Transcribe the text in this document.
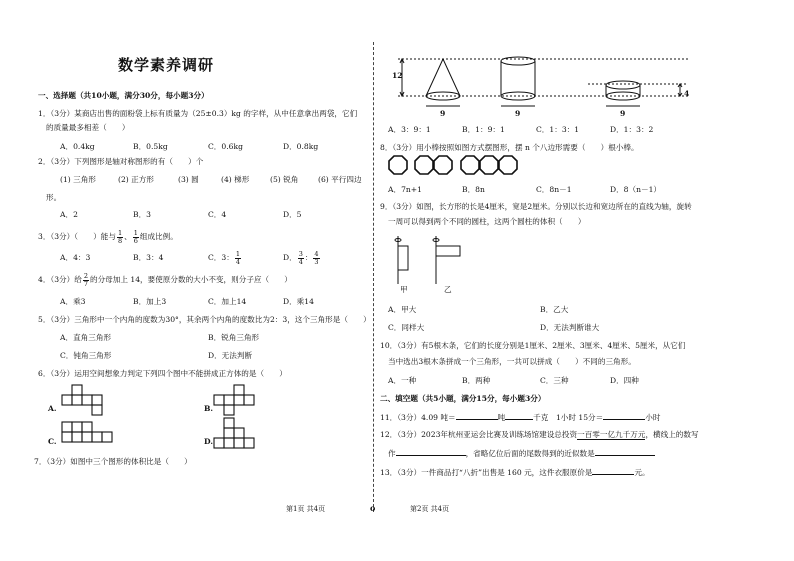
数学素养调研
一、选择题（共10小题，满分30分，每小题3分）
1．（3分）某商店出售的面粉袋上标有质量为（25±0.3）kg 的字样，从中任意拿出两袋，它们
的质量最多相差（　　）
A．0.4kg	B．0.5kg	C．0.6kg	D．0.8kg
2．（3分）下列图形是轴对称图形的有（　　）个
(1) 三角形	(2) 正方形	(3) 圆	(4) 梯形	(5) 锐角	(6) 平行四边
形。
A．2	B．3	C．4	D．5
3．（3分）（　　）能与 $\frac{1}{8}$ 、 $\frac{1}{6}$ 组成比例。
A．4：3	B．3：4	C．3： $\frac{1}{4}$	D． $\frac{3}{4}$ ： $\frac{4}{3}$
4．（3分）给 $\frac{2}{7}$ 的分母加上 14，要使原分数的大小不变，则分子应（　　）
A．乘3	B．加上3	C．加上14	D．乘14
5．（3分）三角形中一个内角的度数为30°，其余两个内角的度数比为2：3，这个三角形是（　　）
A．直角三角形	B．锐角三角形
C．钝角三角形	D．无法判断
6．（3分）运用空间想象力判定下列四个图中不能拼成正方体的是（　　）
A.	B.
C.	D.
7．（3分）如图中三个图形的体积比是（　　）
第1页 共4页	o
12
4
9	9	9
A．3：9：1	B．1：9：1	C．1：3：1	D．1：3：2
8．（3分）用小棒按照如图方式摆图形，摆 n 个八边形需要（　　）根小棒。
A．7n+1	B．8n	C．8n－1	D．8（n－1）
9．（3分）如图，长方形的长是4厘米，宽是2厘米。分别以长边和宽边所在的直线为轴，旋转
一周可以得到两个不同的圆柱，这两个圆柱的体积（　　）
甲	乙
A．甲大	B．乙大
C．同样大	D．无法判断谁大
10．（3分）有5根木条，它们的长度分别是1厘米、2厘米、3厘米、4厘米、5厘米，从它们
当中选出3根木条拼成一个三角形，一共可以拼成（　　）不同的三角形。
A．一种	B．两种	C．三种	D．四种
二、填空题（共5小题，满分15分，每小题3分）
11．（3分）4.09 吨＝	吨	千克　1小时 15分＝	小时
12．（3分）2023年杭州亚运会比赛及训练场馆建设总投资一百零一亿九千万元，横线上的数写
作	，省略亿位后面的尾数得到的近似数是
13．（3分）一件商品打“八折”出售是 160 元，这件衣服原价是	元。
第2页 共4页
